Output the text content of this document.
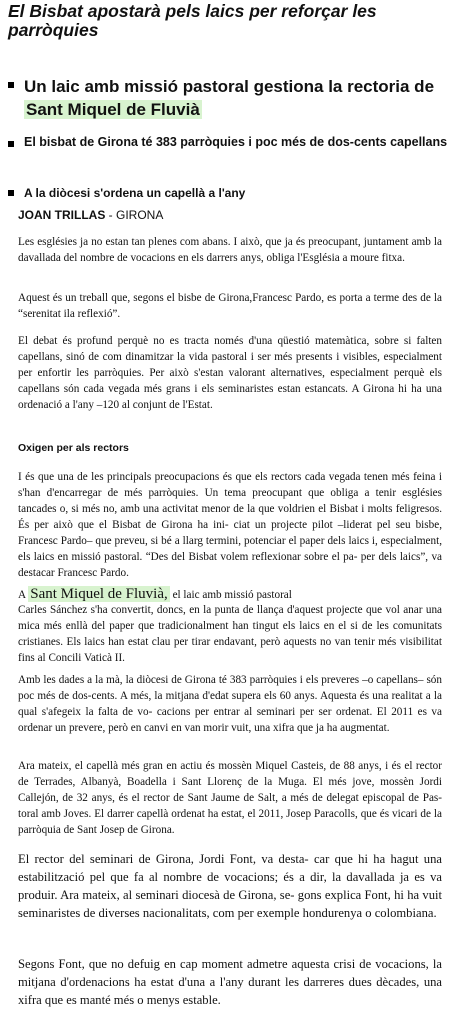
El Bisbat apostarà pels laics per reforçar les parròquies
Un laic amb missió pastoral gestiona la rectoria de Sant Miquel de Fluvià
El bisbat de Girona té 383 parròquies i poc més de dos-cents capellans
A la diòcesi s'ordena un capellà a l'any
JOAN TRILLAS - GIRONA

Les esglésies ja no estan tan plenes com abans. I això, que ja és preocupant, juntament amb la davallada del nombre de vocacions en els darrers anys, obliga l'Església a moure fitxa.

Aquest és un treball que, segons el bisbe de Girona,Francesc Pardo, es porta a terme des de la “serenitat ila reflexió”.

El debat és profund perquè no es tracta només d'una qüestió matemàtica, sobre si falten capellans, sinó de com dinamitzar la vida pastoral i ser més presents i visibles, especialment per enfortir les parròquies. Per això s'estan valorant alternatives, especialment perquè els capellans són cada vegada més grans i els seminaristes estan estancats. A Girona hi ha una ordenació a l'any –120 al conjunt de l'Estat.

Oxigen per als rectors

I és que una de les principals preocupacions és que els rectors cada vegada tenen més feina i s'han d'encarregar de més parròquies. Un tema preocupant que obliga a tenir esglésies tancades o, si més no, amb una activitat menor de la que voldrien el Bisbat i molts feligresos. És per això que el Bisbat de Girona ha ini- ciat un projecte pilot –liderat pel seu bisbe, Francesc Pardo– que preveu, si bé a llarg termini, potenciar el paper dels laics i, especialment, els laics en missió pastoral. “Des del Bisbat volem reflexionar sobre el pa- per dels laics”, va destacar Francesc Pardo.

A Sant Miquel de Fluvià, el laic amb missió pastoral

Carles Sánchez s'ha convertit, doncs, en la punta de llança d'aquest projecte que vol anar una mica més enllà del paper que tradicionalment han tingut els laics en el si de les comunitats cristianes. Els laics han estat clau per tirar endavant, però aquests no van tenir més visibilitat fins al Concili Vaticà II.

Amb les dades a la mà, la diòcesi de Girona té 383 parròquies i els preveres –o capellans– són poc més de dos-cents. A més, la mitjana d'edat supera els 60 anys. Aquesta és una realitat a la qual s'afegeix la falta de vo- cacions per entrar al seminari per ser ordenat. El 2011 es va ordenar un prevere, però en canvi en van morir vuit, una xifra que ja ha augmentat.

Ara mateix, el capellà més gran en actiu és mossèn Miquel Casteis, de 88 anys, i és el rector de Terrades, Albanyà, Boadella i Sant Llorenç de la Muga. El més jove, mossèn Jordi Callejón, de 32 anys, és el rector de Sant Jaume de Salt, a més de delegat episcopal de Pas- toral amb Joves. El darrer capellà ordenat ha estat, el 2011, Josep Paracolls, que és vicari de la parròquia de Sant Josep de Girona.

El rector del seminari de Girona, Jordi Font, va desta- car que hi ha hagut una estabilització pel que fa al nombre de vocacions; és a dir, la davallada ja es va produir. Ara mateix, al seminari diocesà de Girona, se- gons explica Font, hi ha vuit seminaristes de diverses nacionalitats, com per exemple hondurenya o colombiana.

Segons Font, que no defuig en cap moment admetre aquesta crisi de vocacions, la mitjana d'ordenacions ha estat d'una a l'any durant les darreres dues dècades, una xifra que es manté més o menys estable.
